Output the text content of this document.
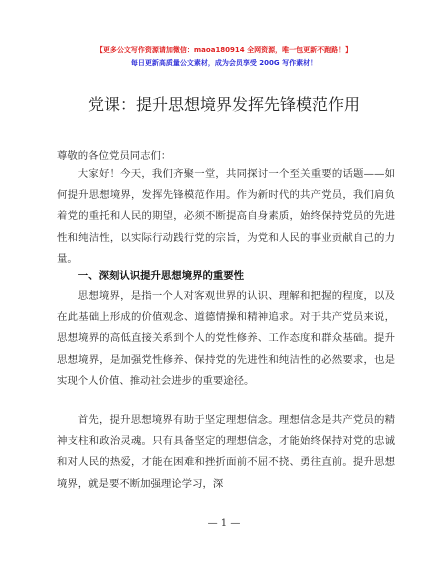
【更多公文写作资源请加微信：maoa180914 全网资源，唯一包更新不跑路！】
每日更新高质量公文素材，成为会员享受 200G 写作素材！
党课：提升思想境界发挥先锋模范作用

尊敬的各位党员同志们：

大家好！今天，我们齐聚一堂，共同探讨一个至关重要的话题——如何提升思想境界，发挥先锋模范作用。作为新时代的共产党员，我们肩负着党的重托和人民的期望，必须不断提高自身素质，始终保持党员的先进性和纯洁性，以实际行动践行党的宗旨，为党和人民的事业贡献自己的力量。

一、深刻认识提升思想境界的重要性

思想境界，是指一个人对客观世界的认识、理解和把握的程度，以及在此基础上形成的价值观念、道德情操和精神追求。对于共产党员来说，思想境界的高低直接关系到个人的党性修养、工作态度和群众基础。提升思想境界，是加强党性修养、保持党的先进性和纯洁性的必然要求，也是实现个人价值、推动社会进步的重要途径。

首先，提升思想境界有助于坚定理想信念。理想信念是共产党员的精神支柱和政治灵魂。只有具备坚定的理想信念，才能始终保持对党的忠诚和对人民的热爱，才能在困难和挫折面前不屈不挠、勇往直前。提升思想境界，就是要不断加强理论学习，深

— 1 —
